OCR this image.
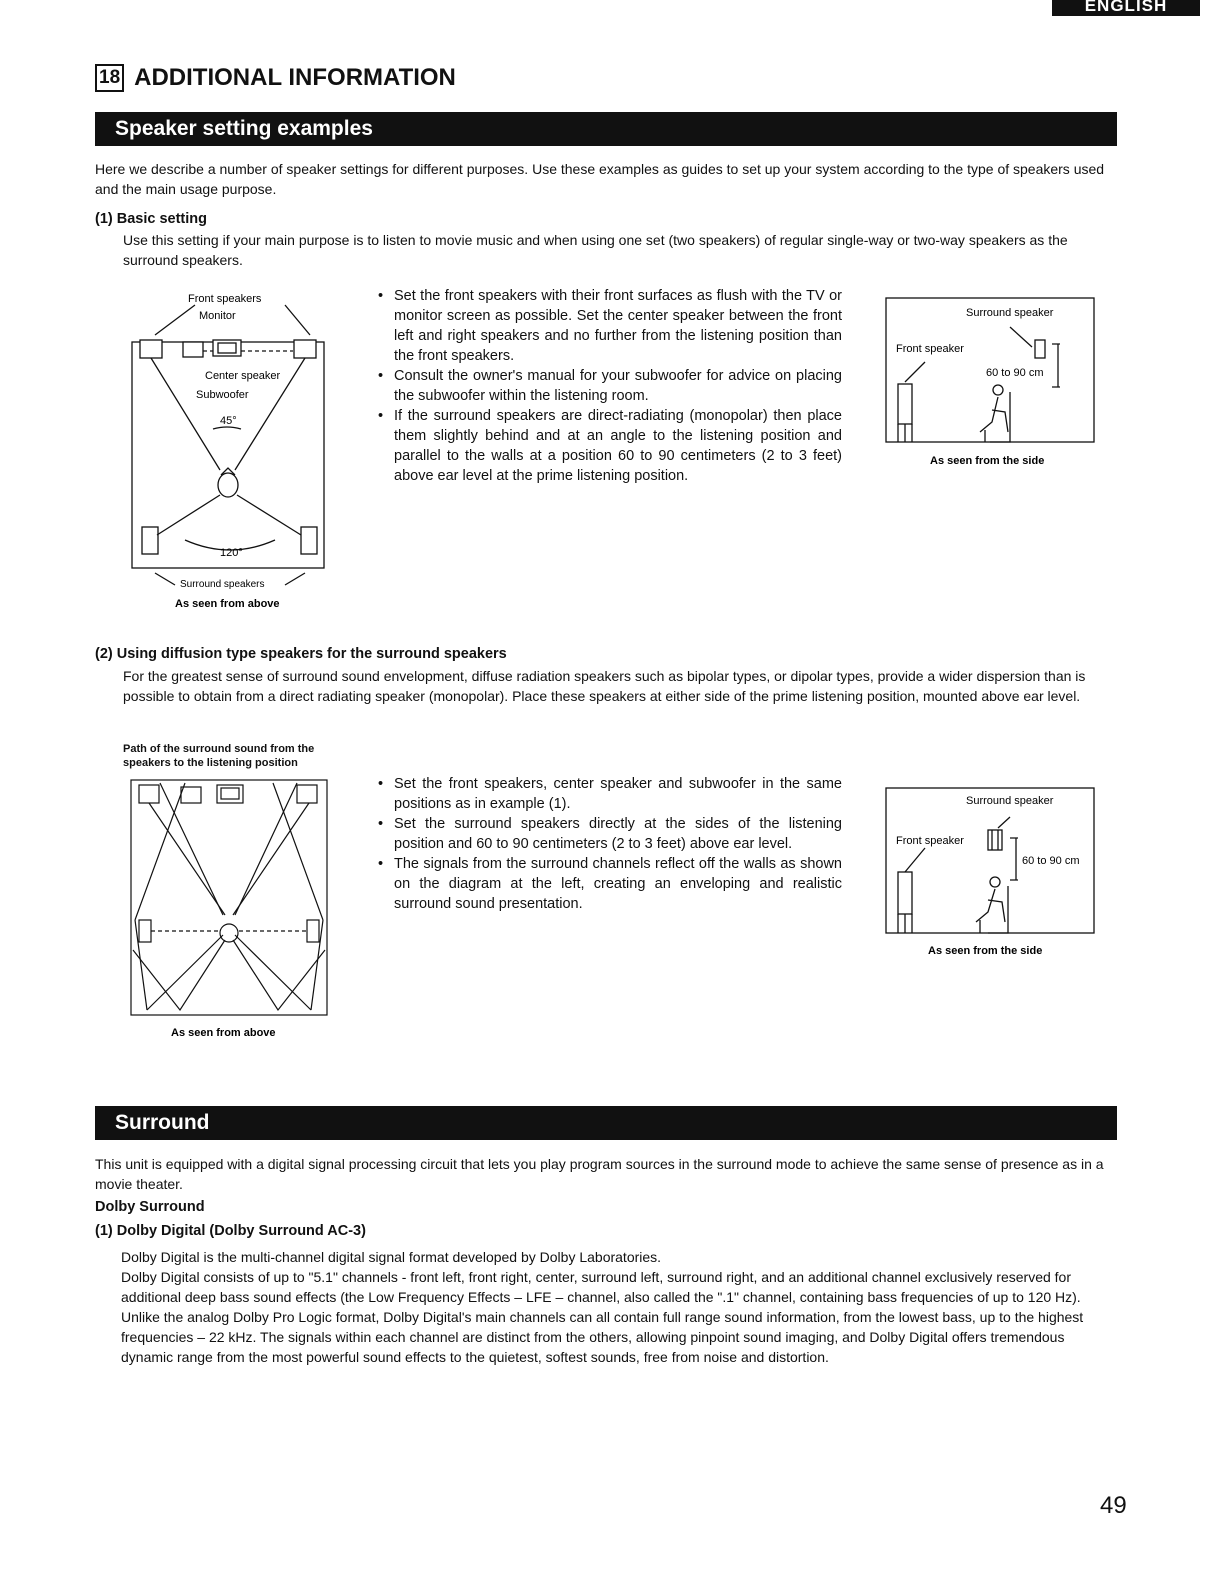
ENGLISH
18 ADDITIONAL INFORMATION
Speaker setting examples

Here we describe a number of speaker settings for different purposes. Use these examples as guides to set up your system according to the type of speakers used and the main usage purpose.

(1) Basic setting

Use this setting if your main purpose is to listen to movie music and when using one set (two speakers) of regular single-way or two-way speakers as the surround speakers.

Front speakers
Monitor
Center speaker
Subwoofer
45°
120°
Surround speakers
As seen from above
• Set the front speakers with their front surfaces as flush with the TV or monitor screen as possible. Set the center speaker between the front left and right speakers and no further from the listening position than the front speakers.
• Consult the owner's manual for your subwoofer for advice on placing the subwoofer within the listening room.
• If the surround speakers are direct-radiating (monopolar) then place them slightly behind and at an angle to the listening position and parallel to the walls at a position 60 to 90 centimeters (2 to 3 feet) above ear level at the prime listening position.
Surround speaker
Front speaker
60 to 90 cm
As seen from the side
(2) Using diffusion type speakers for the surround speakers

For the greatest sense of surround sound envelopment, diffuse radiation speakers such as bipolar types, or dipolar types, provide a wider dispersion than is possible to obtain from a direct radiating speaker (monopolar). Place these speakers at either side of the prime listening position, mounted above ear level.

Path of the surround sound from the speakers to the listening position
As seen from above
• Set the front speakers, center speaker and subwoofer in the same positions as in example (1).
• Set the surround speakers directly at the sides of the listening position and 60 to 90 centimeters (2 to 3 feet) above ear level.
• The signals from the surround channels reflect off the walls as shown on the diagram at the left, creating an enveloping and realistic surround sound presentation.
Surround speaker
Front speaker
60 to 90 cm
As seen from the side
Surround

This unit is equipped with a digital signal processing circuit that lets you play program sources in the surround mode to achieve the same sense of presence as in a movie theater.

Dolby Surround
(1) Dolby Digital (Dolby Surround AC-3)

Dolby Digital is the multi-channel digital signal format developed by Dolby Laboratories.

Dolby Digital consists of up to "5.1" channels - front left, front right, center, surround left, surround right, and an additional channel exclusively reserved for additional deep bass sound effects (the Low Frequency Effects – LFE – channel, also called the ".1" channel, containing bass frequencies of up to 120 Hz).

Unlike the analog Dolby Pro Logic format, Dolby Digital's main channels can all contain full range sound information, from the lowest bass, up to the highest frequencies – 22 kHz. The signals within each channel are distinct from the others, allowing pinpoint sound imaging, and Dolby Digital offers tremendous dynamic range from the most powerful sound effects to the quietest, softest sounds, free from noise and distortion.

49
